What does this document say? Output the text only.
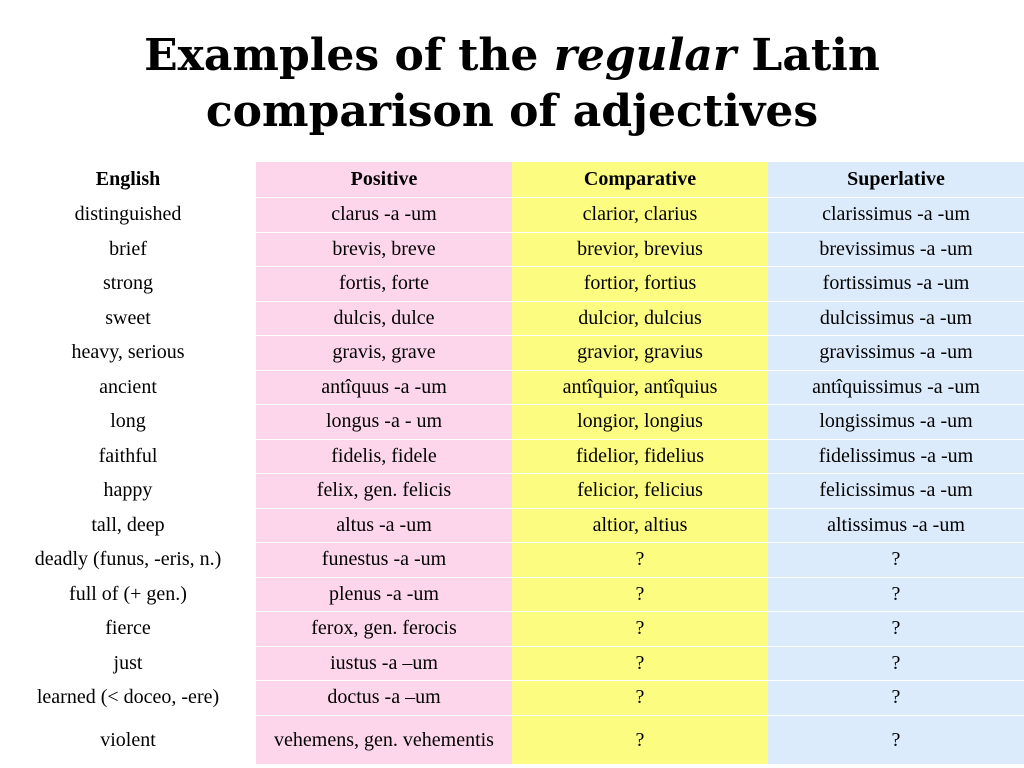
Examples of the regular Latin
comparison of adjectives
English	Positive	Comparative	Superlative
distinguished	clarus -a -um	clarior, clarius	clarissimus -a -um
brief	brevis, breve	brevior, brevius	brevissimus -a -um
strong	fortis, forte	fortior, fortius	fortissimus -a -um
sweet	dulcis, dulce	dulcior, dulcius	dulcissimus -a -um
heavy, serious	gravis, grave	gravior, gravius	gravissimus -a -um
ancient	antîquus -a -um	antîquior, antîquius	antîquissimus -a -um
long	longus -a - um	longior, longius	longissimus -a -um
faithful	fidelis, fidele	fidelior, fidelius	fidelissimus -a -um
happy	felix, gen. felicis	felicior, felicius	felicissimus -a -um
tall, deep	altus -a -um	altior, altius	altissimus -a -um
deadly (funus, -eris, n.)	funestus -a -um	?	?
full of (+ gen.)	plenus -a -um	?	?
fierce	ferox, gen. ferocis	?	?
just	iustus -a –um	?	?
learned (< doceo, -ere)	doctus -a –um	?	?
violent	vehemens, gen. vehementis	?	?
